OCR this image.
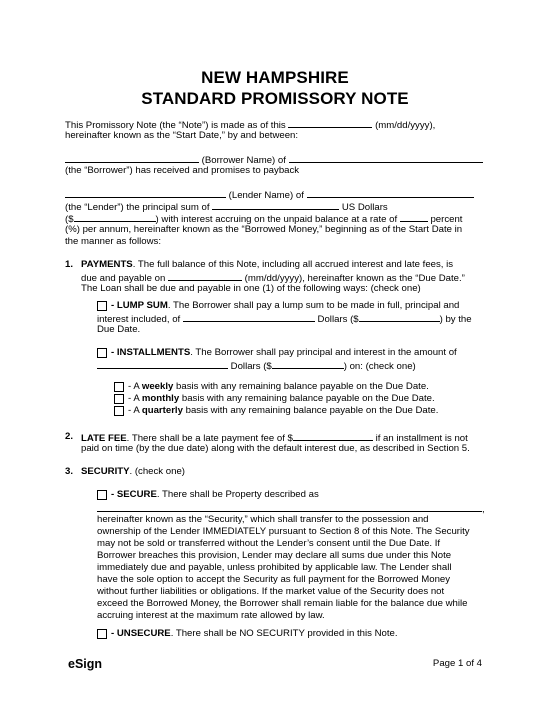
NEW HAMPSHIRE
STANDARD PROMISSORY NOTE
This Promissory Note (the “Note”) is made as of this	(mm/dd/yyyy),
hereinafter known as the “Start Date,” by and between:
(Borrower Name) of
(the “Borrower”) has received and promises to payback
(Lender Name) of
(the “Lender”) the principal sum of	US Dollars
($	) with interest accruing on the unpaid balance at a rate of	percent
(%) per annum, hereinafter known as the “Borrowed Money,” beginning as of the Start Date in
the manner as follows:
1. PAYMENTS. The full balance of this Note, including all accrued interest and late fees, is
due and payable on	(mm/dd/yyyy), hereinafter known as the “Due Date.”
The Loan shall be due and payable in one (1) of the following ways: (check one)
- LUMP SUM. The Borrower shall pay a lump sum to be made in full, principal and
interest included, of	Dollars ($	) by the
Due Date.
- INSTALLMENTS. The Borrower shall pay principal and interest in the amount of
Dollars ($	) on: (check one)
- A weekly basis with any remaining balance payable on the Due Date.
- A monthly basis with any remaining balance payable on the Due Date.
- A quarterly basis with any remaining balance payable on the Due Date.
2. LATE FEE. There shall be a late payment fee of $	if an installment is not
paid on time (by the due date) along with the default interest due, as described in Section 5.
3. SECURITY. (check one)
- SECURE. There shall be Property described as
,
hereinafter known as the “Security,” which shall transfer to the possession and
ownership of the Lender IMMEDIATELY pursuant to Section 8 of this Note. The Security
may not be sold or transferred without the Lender’s consent until the Due Date. If
Borrower breaches this provision, Lender may declare all sums due under this Note
immediately due and payable, unless prohibited by applicable law. The Lender shall
have the sole option to accept the Security as full payment for the Borrowed Money
without further liabilities or obligations. If the market value of the Security does not
exceed the Borrowed Money, the Borrower shall remain liable for the balance due while
accruing interest at the maximum rate allowed by law.
- UNSECURE. There shall be NO SECURITY provided in this Note.
eSign	Page 1 of 4
